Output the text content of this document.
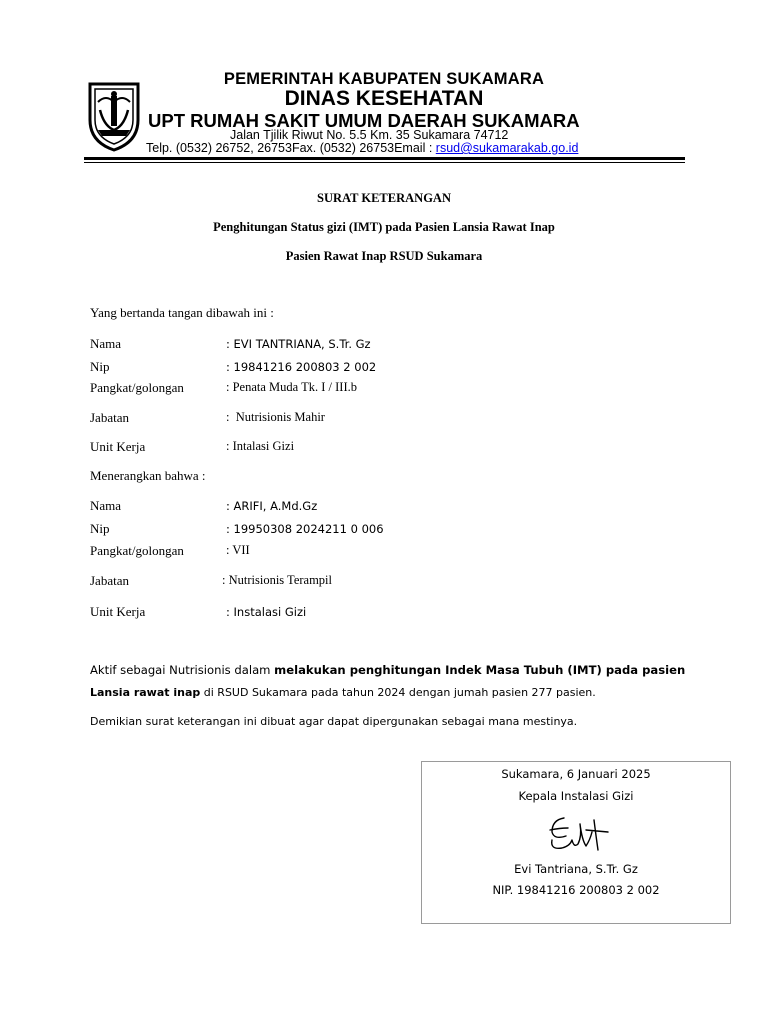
PEMERINTAH KABUPATEN SUKAMARA
DINAS KESEHATAN
UPT RUMAH SAKIT UMUM DAERAH SUKAMARA
Jalan Tjilik Riwut No. 5.5 Km. 35 Sukamara 74712
Telp. (0532) 26752, 26753Fax. (0532) 26753Email : rsud@sukamarakab.go.id
SURAT KETERANGAN
Penghitungan Status gizi (IMT) pada Pasien Lansia Rawat Inap
Pasien Rawat Inap RSUD Sukamara
Yang bertanda tangan dibawah ini :
Nama	: EVI TANTRIANA, S.Tr. Gz
Nip	: 19841216 200803 2 002
Pangkat/golongan	: Penata Muda Tk. I / III.b
Jabatan	:  Nutrisionis Mahir
Unit Kerja	: Intalasi Gizi
Menerangkan bahwa :
Nama	: ARIFI, A.Md.Gz
Nip	: 19950308 2024211 0 006
Pangkat/golongan	: VII
Jabatan	: Nutrisionis Terampil
Unit Kerja	: Instalasi Gizi
Aktif sebagai Nutrisionis dalam melakukan penghitungan Indek Masa Tubuh (IMT) pada pasien
Lansia rawat inap di RSUD Sukamara pada tahun 2024 dengan jumah pasien 277 pasien.
Demikian surat keterangan ini dibuat agar dapat dipergunakan sebagai mana mestinya.
Sukamara, 6 Januari 2025
Kepala Instalasi Gizi
Evi Tantriana, S.Tr. Gz
NIP. 19841216 200803 2 002
